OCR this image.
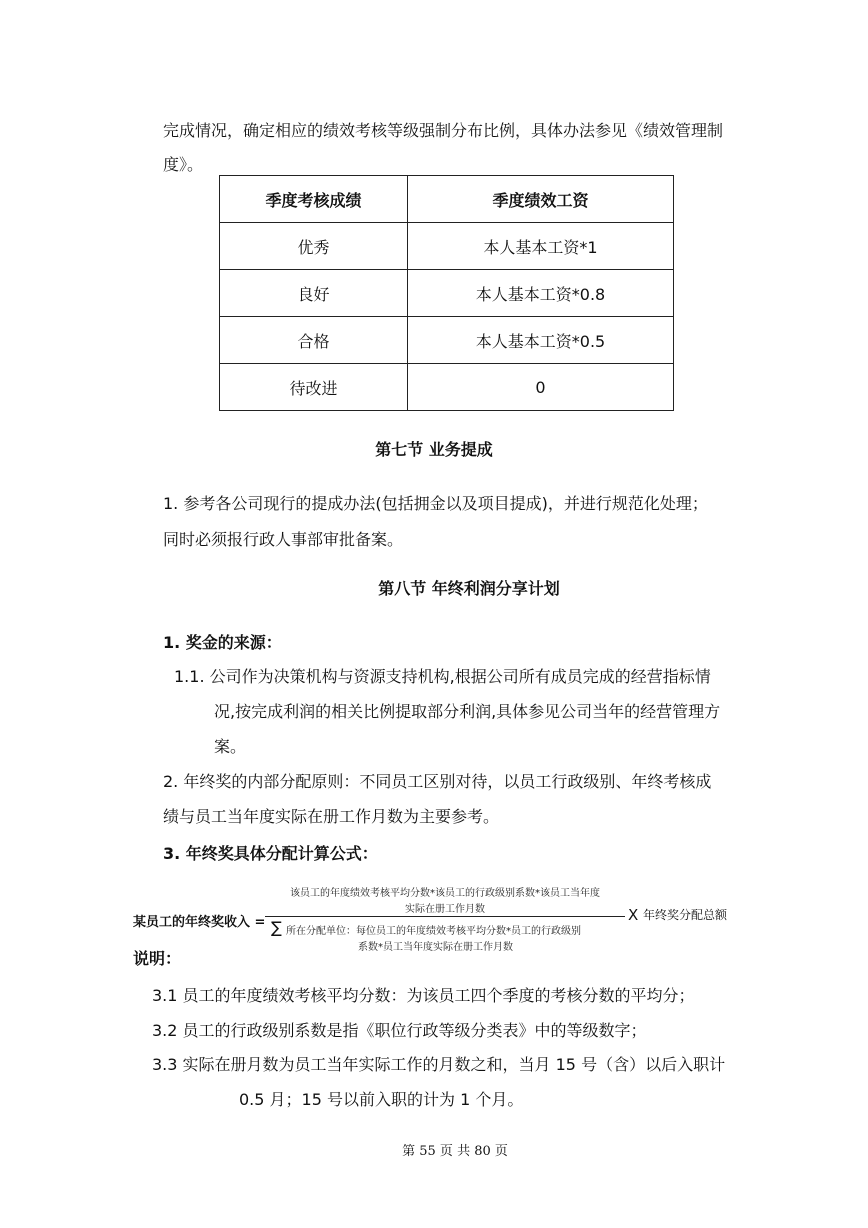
完成情况，确定相应的绩效考核等级强制分布比例，具体办法参见《绩效管理制
度》。
季度考核成绩	季度绩效工资
优秀	本人基本工资*1
良好	本人基本工资*0.8
合格	本人基本工资*0.5
待改进	0
第七节 业务提成
1. 参考各公司现行的提成办法(包括拥金以及项目提成)，并进行规范化处理；
同时必须报行政人事部审批备案。
第八节 年终利润分享计划
1. 奖金的来源：
1.1. 公司作为决策机构与资源支持机构,根据公司所有成员完成的经营指标情
况,按完成利润的相关比例提取部分利润,具体参见公司当年的经营管理方
案。
2. 年终奖的内部分配原则：不同员工区别对待，以员工行政级别、年终考核成
绩与员工当年度实际在册工作月数为主要参考。
3. 年终奖具体分配计算公式：
某员工的年终奖收入 =
该员工的年度绩效考核平均分数*该员工的行政级别系数*该员工当年度
实际在册工作月数
∑ 所在分配单位：每位员工的年度绩效考核平均分数*员工的行政级别
系数*员工当年度实际在册工作月数
X 年终奖分配总额
说明：
3.1 员工的年度绩效考核平均分数：为该员工四个季度的考核分数的平均分；
3.2 员工的行政级别系数是指《职位行政等级分类表》中的等级数字；
3.3 实际在册月数为员工当年实际工作的月数之和，当月 15 号（含）以后入职计
0.5 月；15 号以前入职的计为 1 个月。
第 55 页 共 80 页
